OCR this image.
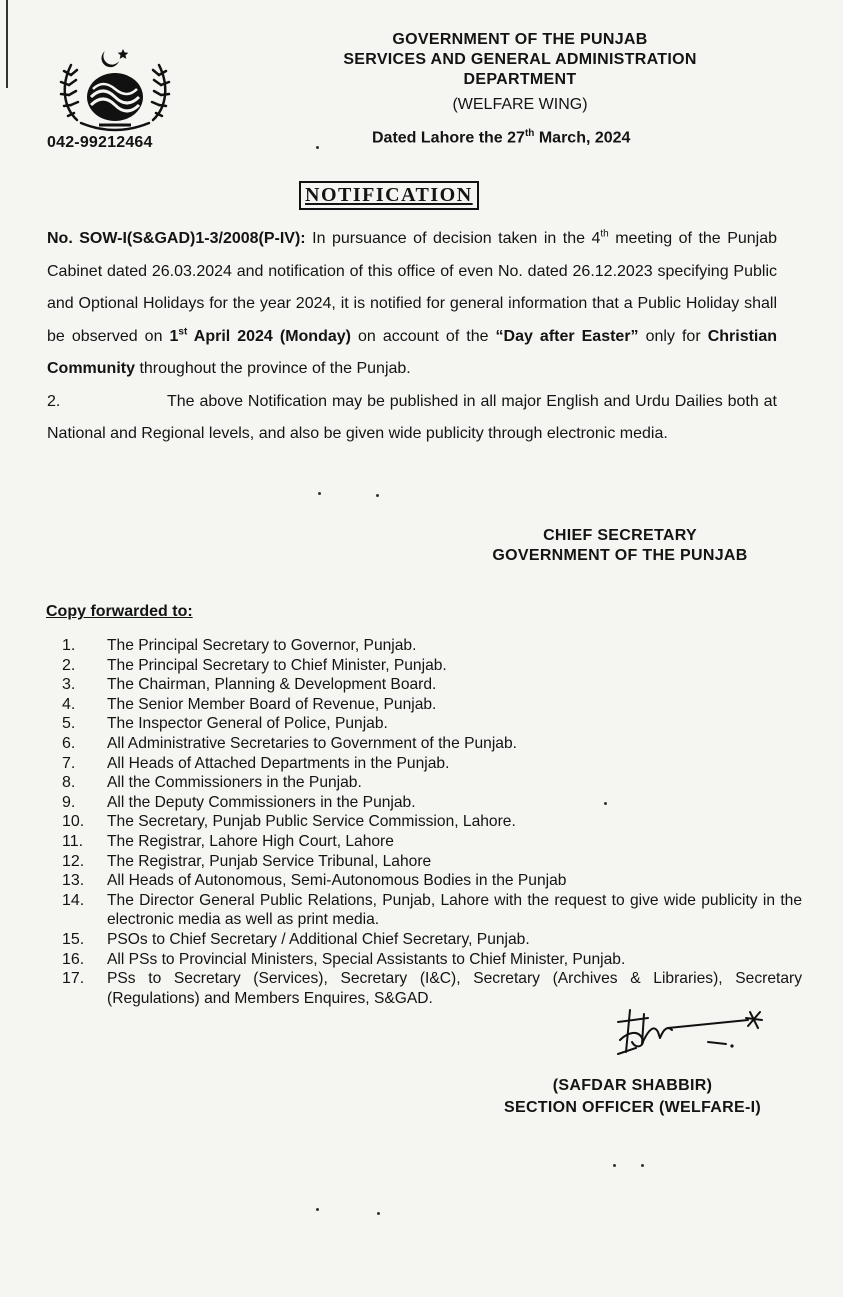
042-99212464
GOVERNMENT OF THE PUNJAB
SERVICES AND GENERAL ADMINISTRATION
DEPARTMENT
(WELFARE WING)
Dated Lahore the 27th March, 2024
NOTIFICATION

No. SOW-I(S&GAD)1-3/2008(P-IV): In pursuance of decision taken in the 4th meeting of the Punjab Cabinet dated 26.03.2024 and notification of this office of even No. dated 26.12.2023 specifying Public and Optional Holidays for the year 2024, it is notified for general information that a Public Holiday shall be observed on 1st April 2024 (Monday) on account of the “Day after Easter” only for Christian Community throughout the province of the Punjab.

2.	The above Notification may be published in all major English and Urdu Dailies both at National and Regional levels, and also be given wide publicity through electronic media.

CHIEF SECRETARY
GOVERNMENT OF THE PUNJAB
Copy forwarded to:
1.	The Principal Secretary to Governor, Punjab.
2.	The Principal Secretary to Chief Minister, Punjab.
3.	The Chairman, Planning & Development Board.
4.	The Senior Member Board of Revenue, Punjab.
5.	The Inspector General of Police, Punjab.
6.	All Administrative Secretaries to Government of the Punjab.
7.	All Heads of Attached Departments in the Punjab.
8.	All the Commissioners in the Punjab.
9.	All the Deputy Commissioners in the Punjab.
10.	The Secretary, Punjab Public Service Commission, Lahore.
11.	The Registrar, Lahore High Court, Lahore
12.	The Registrar, Punjab Service Tribunal, Lahore
13.	All Heads of Autonomous, Semi-Autonomous Bodies in the Punjab
14.	The Director General Public Relations, Punjab, Lahore with the request to give wide publicity in the electronic media as well as print media.
15.	PSOs to Chief Secretary / Additional Chief Secretary, Punjab.
16.	All PSs to Provincial Ministers, Special Assistants to Chief Minister, Punjab.
17.	PSs to Secretary (Services), Secretary (I&C), Secretary (Archives & Libraries), Secretary (Regulations) and Members Enquires, S&GAD.
(SAFDAR SHABBIR)
SECTION OFFICER (WELFARE-I)
